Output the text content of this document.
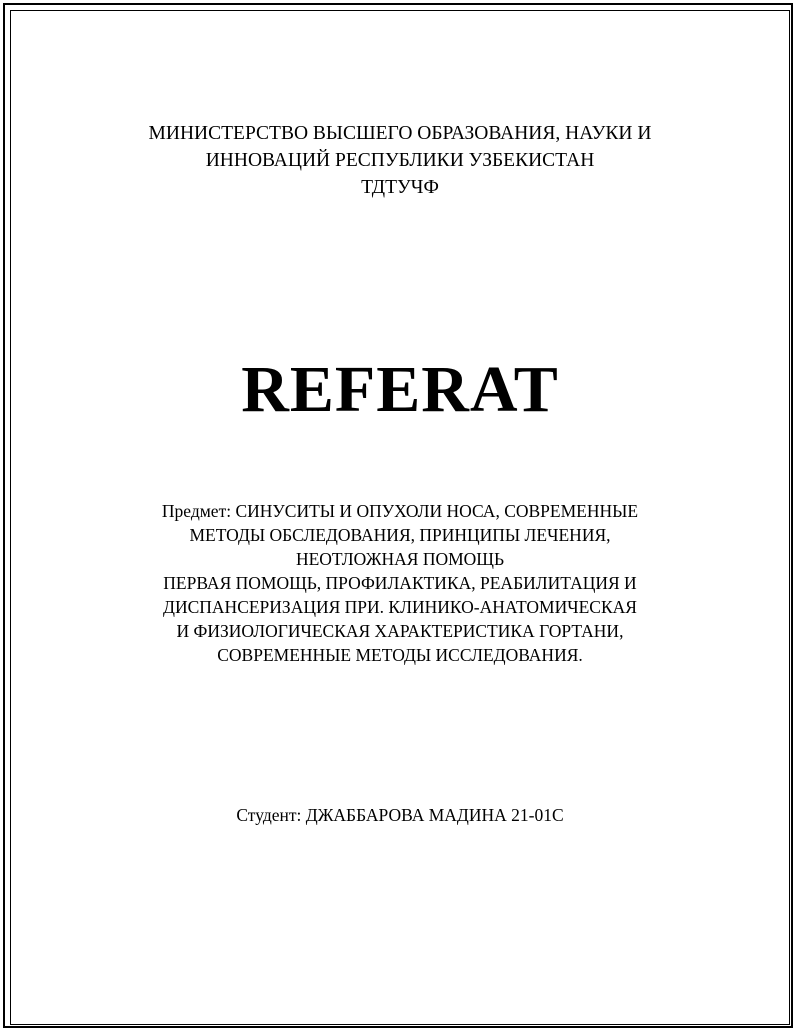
МИНИСТЕРСТВО ВЫСШЕГО ОБРАЗОВАНИЯ, НАУКИ И
ИННОВАЦИЙ РЕСПУБЛИКИ УЗБЕКИСТАН
ТДТУЧФ
REFERAT
Предмет: СИНУСИТЫ И ОПУХОЛИ НОСА, СОВРЕМЕННЫЕ
МЕТОДЫ ОБСЛЕДОВАНИЯ, ПРИНЦИПЫ ЛЕЧЕНИЯ,
НЕОТЛОЖНАЯ ПОМОЩЬ
ПЕРВАЯ ПОМОЩЬ, ПРОФИЛАКТИКА, РЕАБИЛИТАЦИЯ И
ДИСПАНСЕРИЗАЦИЯ ПРИ. КЛИНИКО-АНАТОМИЧЕСКАЯ
И ФИЗИОЛОГИЧЕСКАЯ ХАРАКТЕРИСТИКА ГОРТАНИ,
СОВРЕМЕННЫЕ МЕТОДЫ ИССЛЕДОВАНИЯ.
Студент: ДЖАББАРОВА МАДИНА 21-01С
